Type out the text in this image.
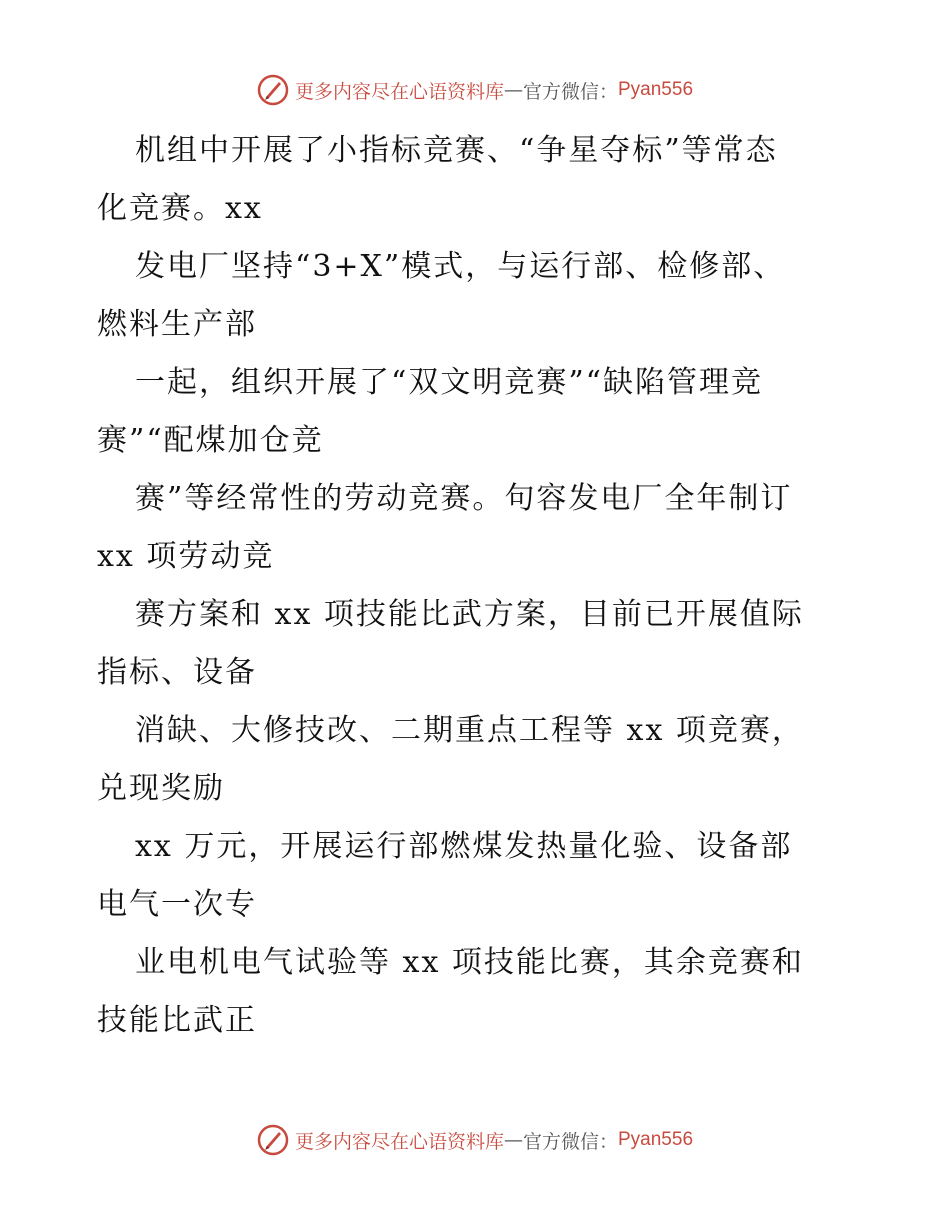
更多内容尽在心语资料库 — 官方微信： Pyan556

机组中开展了小指标竞赛、“争星夺标”等常态
化竞赛。xx

发电厂坚持“3+X”模式，与运行部、检修部、
燃料生产部

一起，组织开展了“双文明竞赛”“缺陷管理竞
赛”“配煤加仓竞

赛”等经常性的劳动竞赛。句容发电厂全年制订
xx 项劳动竞

赛方案和 xx 项技能比武方案，目前已开展值际
指标、设备

消缺、大修技改、二期重点工程等 xx 项竞赛，
兑现奖励

xx 万元，开展运行部燃煤发热量化验、设备部
电气一次专

业电机电气试验等 xx 项技能比赛，其余竞赛和
技能比武正

更多内容尽在心语资料库 — 官方微信： Pyan556
